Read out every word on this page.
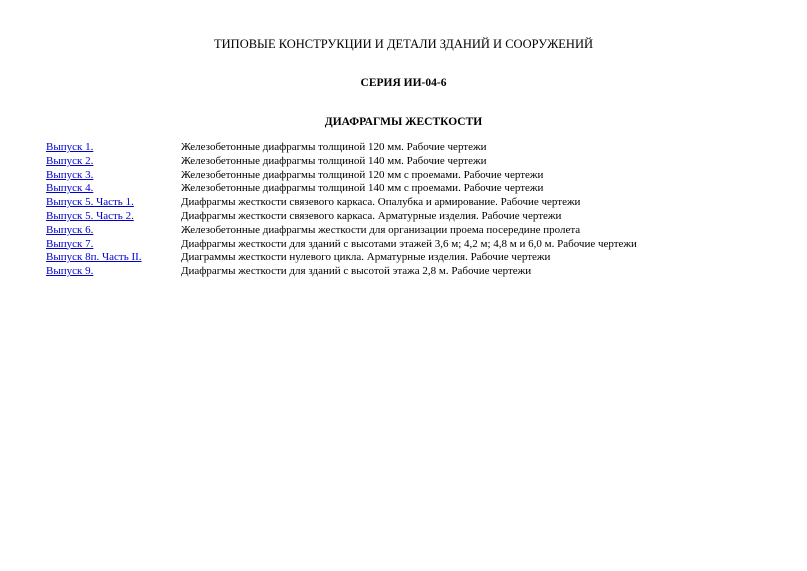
ТИПОВЫЕ КОНСТРУКЦИИ И ДЕТАЛИ ЗДАНИЙ И СООРУЖЕНИЙ
СЕРИЯ ИИ-04-6
ДИАФРАГМЫ ЖЕСТКОСТИ
Выпуск 1.	Железобетонные диафрагмы толщиной 120 мм. Рабочие чертежи
Выпуск 2.	Железобетонные диафрагмы толщиной 140 мм. Рабочие чертежи
Выпуск 3.	Железобетонные диафрагмы толщиной 120 мм с проемами. Рабочие чертежи
Выпуск 4.	Железобетонные диафрагмы толщиной 140 мм с проемами. Рабочие чертежи
Выпуск 5. Часть 1.	Диафрагмы жесткости связевого каркаса. Опалубка и армирование. Рабочие чертежи
Выпуск 5. Часть 2.	Диафрагмы жесткости связевого каркаса. Арматурные изделия. Рабочие чертежи
Выпуск 6.	Железобетонные диафрагмы жесткости для организации проема посередине пролета
Выпуск 7.	Диафрагмы жесткости для зданий с высотами этажей 3,6 м; 4,2 м; 4,8 м и 6,0 м. Рабочие чертежи
Выпуск 8п. Часть II.	Диаграммы жесткости нулевого цикла. Арматурные изделия. Рабочие чертежи
Выпуск 9.	Диафрагмы жесткости для зданий с высотой этажа 2,8 м. Рабочие чертежи
